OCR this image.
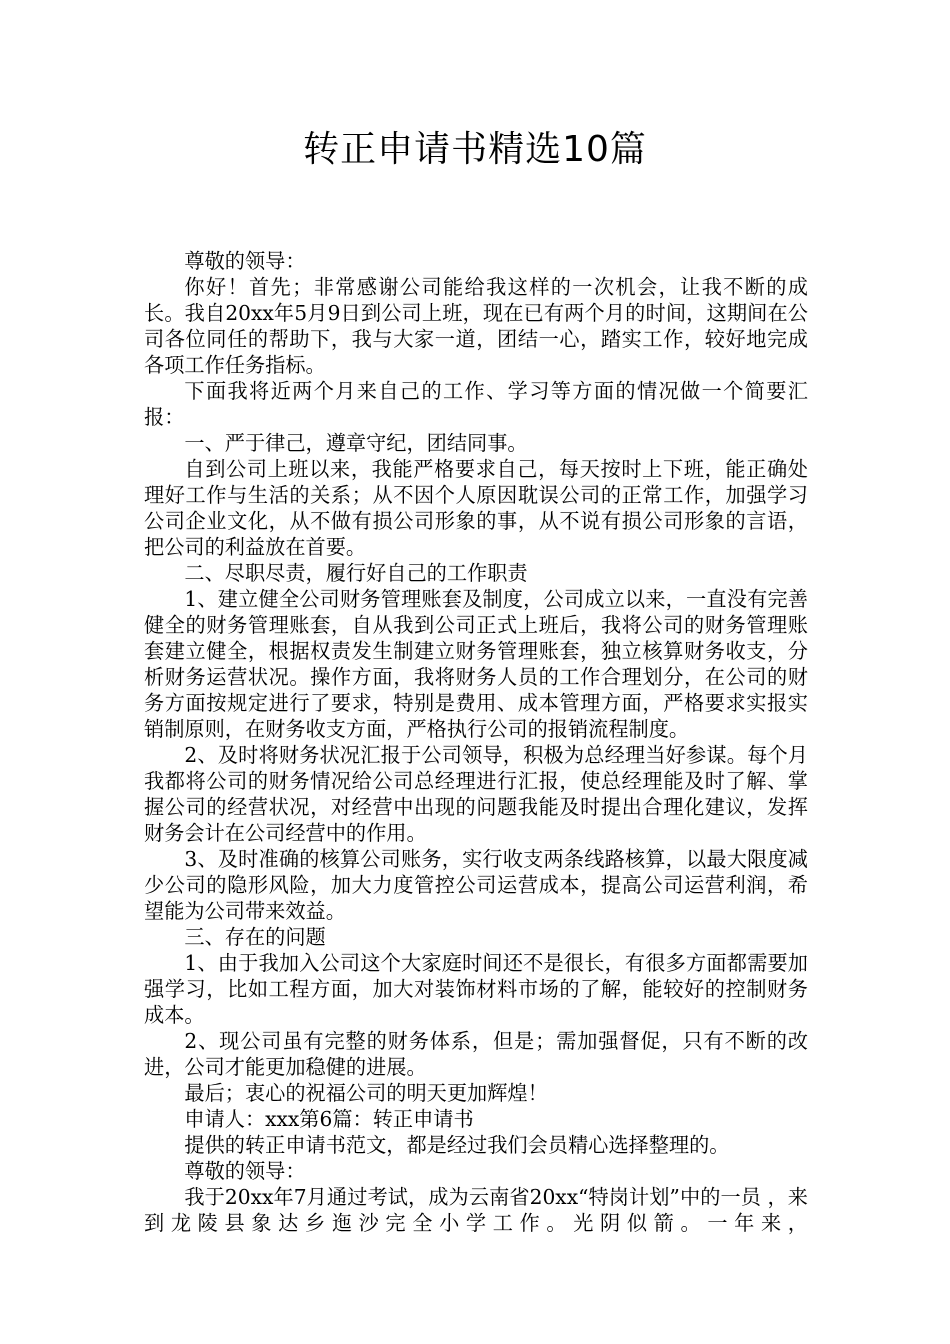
转正申请书精选10篇

尊敬的领导：

你好！首先；非常感谢公司能给我这样的一次机会，让我不断的成长。我自20xx年5月9日到公司上班，现在已有两个月的时间，这期间在公司各位同任的帮助下，我与大家一道，团结一心，踏实工作，较好地完成各项工作任务指标。

下面我将近两个月来自己的工作、学习等方面的情况做一个简要汇报：

一、严于律己，遵章守纪，团结同事。

自到公司上班以来，我能严格要求自己，每天按时上下班，能正确处理好工作与生活的关系；从不因个人原因耽误公司的正常工作，加强学习公司企业文化，从不做有损公司形象的事，从不说有损公司形象的言语，把公司的利益放在首要。

二、尽职尽责，履行好自己的工作职责

1、建立健全公司财务管理账套及制度，公司成立以来，一直没有完善健全的财务管理账套，自从我到公司正式上班后，我将公司的财务管理账套建立健全，根据权责发生制建立财务管理账套，独立核算财务收支，分析财务运营状况。操作方面，我将财务人员的工作合理划分，在公司的财务方面按规定进行了要求，特别是费用、成本管理方面，严格要求实报实销制原则，在财务收支方面，严格执行公司的报销流程制度。

2、及时将财务状况汇报于公司领导，积极为总经理当好参谋。每个月我都将公司的财务情况给公司总经理进行汇报，使总经理能及时了解、掌握公司的经营状况，对经营中出现的问题我能及时提出合理化建议，发挥财务会计在公司经营中的作用。

3、及时准确的核算公司账务，实行收支两条线路核算，以最大限度减少公司的隐形风险，加大力度管控公司运营成本，提高公司运营利润，希望能为公司带来效益。

三、存在的问题

1、由于我加入公司这个大家庭时间还不是很长，有很多方面都需要加强学习，比如工程方面，加大对装饰材料市场的了解，能较好的控制财务成本。

2、现公司虽有完整的财务体系，但是；需加强督促，只有不断的改进，公司才能更加稳健的进展。

最后；衷心的祝福公司的明天更加辉煌！

申请人：xxx第6篇：转正申请书

提供的转正申请书范文，都是经过我们会员精心选择整理的。

尊敬的领导：

我于20xx年7月通过考试，成为云南省20xx“特岗计划”中的一员 ，来到龙陵县象达乡迤沙完全小学工作。光阴似箭。一年来，
